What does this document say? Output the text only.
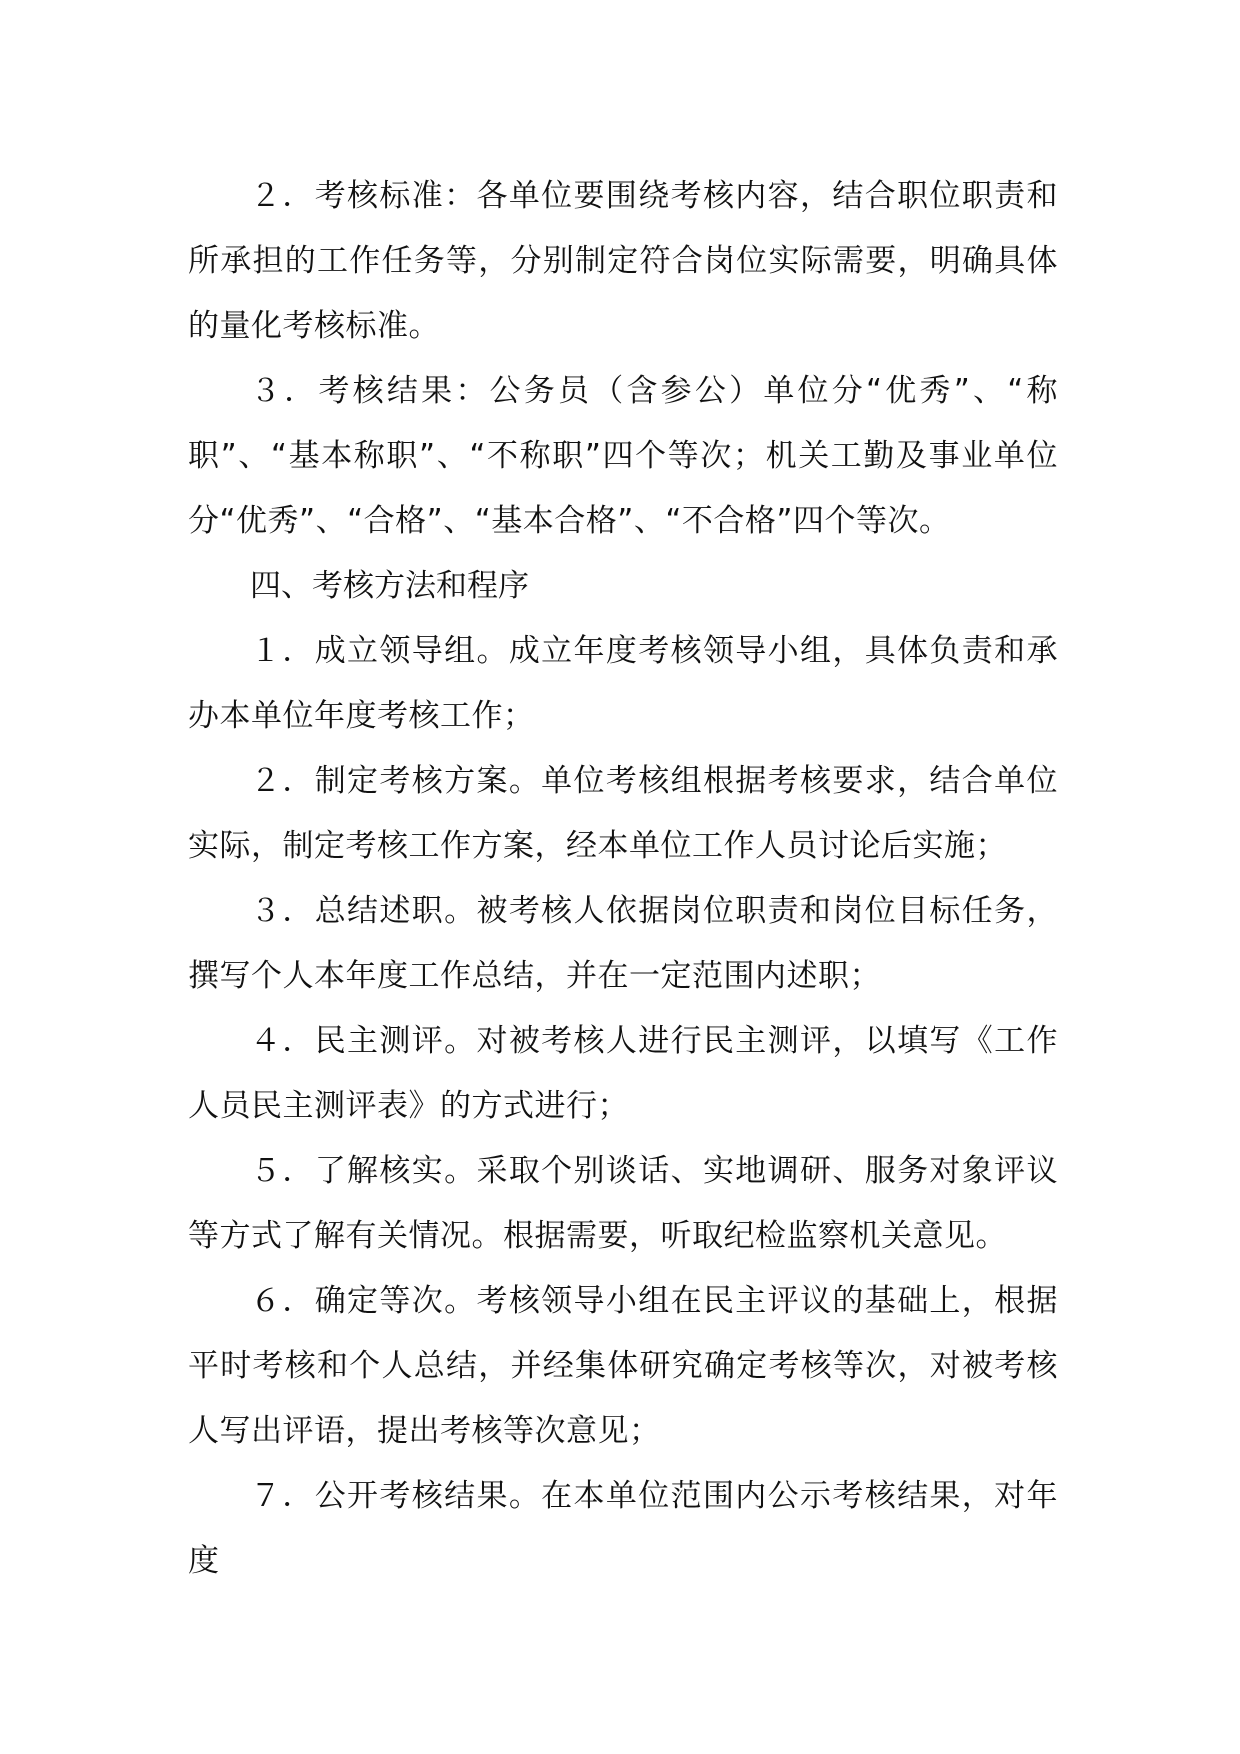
２．考核标准：各单位要围绕考核内容，结合职位职责和所承担的工作任务等，分别制定符合岗位实际需要，明确具体的量化考核标准。

３．考核结果：公务员（含参公）单位分“优秀”、“称职”、“基本称职”、“不称职”四个等次；机关工勤及事业单位分“优秀”、“合格”、“基本合格”、“不合格”四个等次。

四、考核方法和程序

１．成立领导组。成立年度考核领导小组，具体负责和承办本单位年度考核工作；

２．制定考核方案。单位考核组根据考核要求，结合单位实际，制定考核工作方案，经本单位工作人员讨论后实施；

３．总结述职。被考核人依据岗位职责和岗位目标任务，撰写个人本年度工作总结，并在一定范围内述职；

４．民主测评。对被考核人进行民主测评，以填写《工作人员民主测评表》的方式进行；

５．了解核实。采取个别谈话、实地调研、服务对象评议等方式了解有关情况。根据需要，听取纪检监察机关意见。

６．确定等次。考核领导小组在民主评议的基础上，根据平时考核和个人总结，并经集体研究确定考核等次，对被考核人写出评语，提出考核等次意见；

７．公开考核结果。在本单位范围内公示考核结果，对年度
